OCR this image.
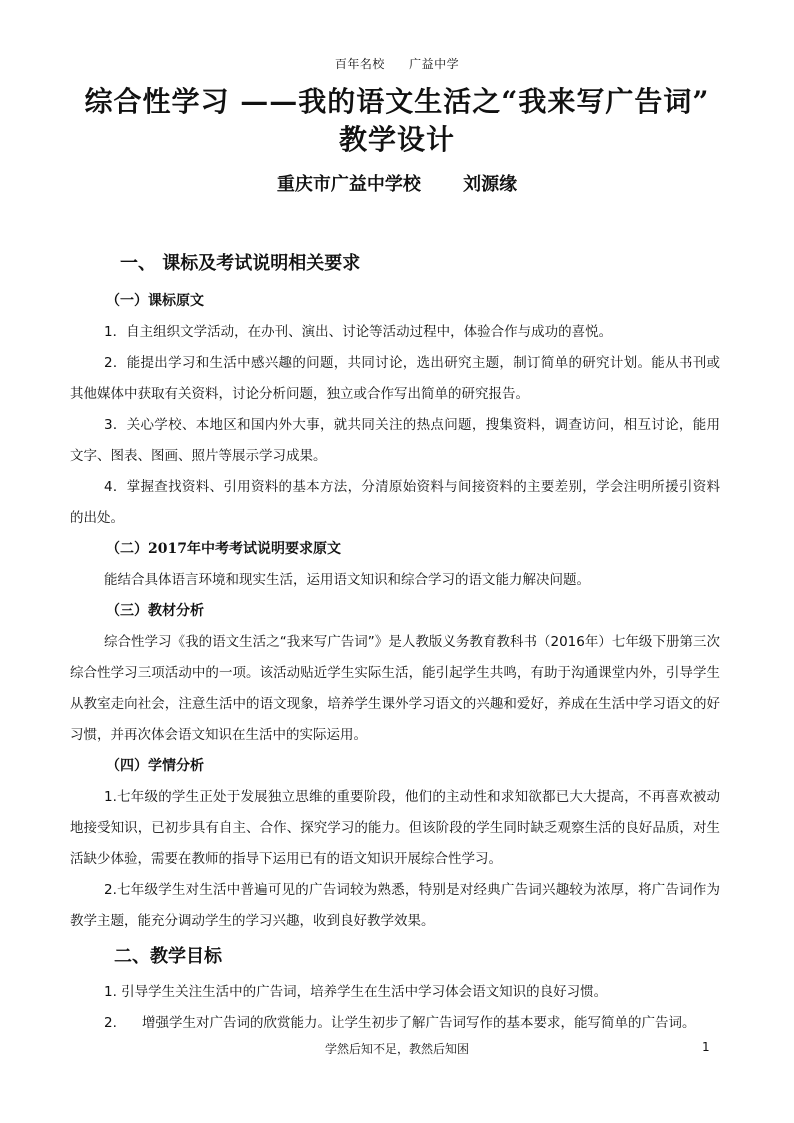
百年名校 广益中学
综合性学习 ——我的语文生活之“我来写广告词”
教学设计
重庆市广益中学校 刘源缘
一、 课标及考试说明相关要求
（一）课标原文

1．自主组织文学活动，在办刊、演出、讨论等活动过程中，体验合作与成功的喜悦。

2．能提出学习和生活中感兴趣的问题，共同讨论，选出研究主题，制订简单的研究计划。能从书刊或其他媒体中获取有关资料，讨论分析问题，独立或合作写出简单的研究报告。

3．关心学校、本地区和国内外大事，就共同关注的热点问题，搜集资料，调查访问，相互讨论，能用文字、图表、图画、照片等展示学习成果。

4．掌握查找资料、引用资料的基本方法，分清原始资料与间接资料的主要差别，学会注明所援引资料的出处。

（二）2017年中考考试说明要求原文

能结合具体语言环境和现实生活，运用语文知识和综合学习的语文能力解决问题。

（三）教材分析

综合性学习《我的语文生活之“我来写广告词”》是人教版义务教育教科书（2016年）七年级下册第三次综合性学习三项活动中的一项。该活动贴近学生实际生活，能引起学生共鸣，有助于沟通课堂内外，引导学生从教室走向社会，注意生活中的语文现象，培养学生课外学习语文的兴趣和爱好，养成在生活中学习语文的好习惯，并再次体会语文知识在生活中的实际运用。

（四）学情分析

1.七年级的学生正处于发展独立思维的重要阶段，他们的主动性和求知欲都已大大提高，不再喜欢被动地接受知识，已初步具有自主、合作、探究学习的能力。但该阶段的学生同时缺乏观察生活的良好品质，对生活缺少体验，需要在教师的指导下运用已有的语文知识开展综合性学习。

2.七年级学生对生活中普遍可见的广告词较为熟悉，特别是对经典广告词兴趣较为浓厚，将广告词作为教学主题，能充分调动学生的学习兴趣，收到良好教学效果。

二、教学目标

1. 引导学生关注生活中的广告词，培养学生在生活中学习体会语文知识的良好习惯。

2.	增强学生对广告词的欣赏能力。让学生初步了解广告词写作的基本要求，能写简单的广告词。
学然后知不足，教然后知困	1
